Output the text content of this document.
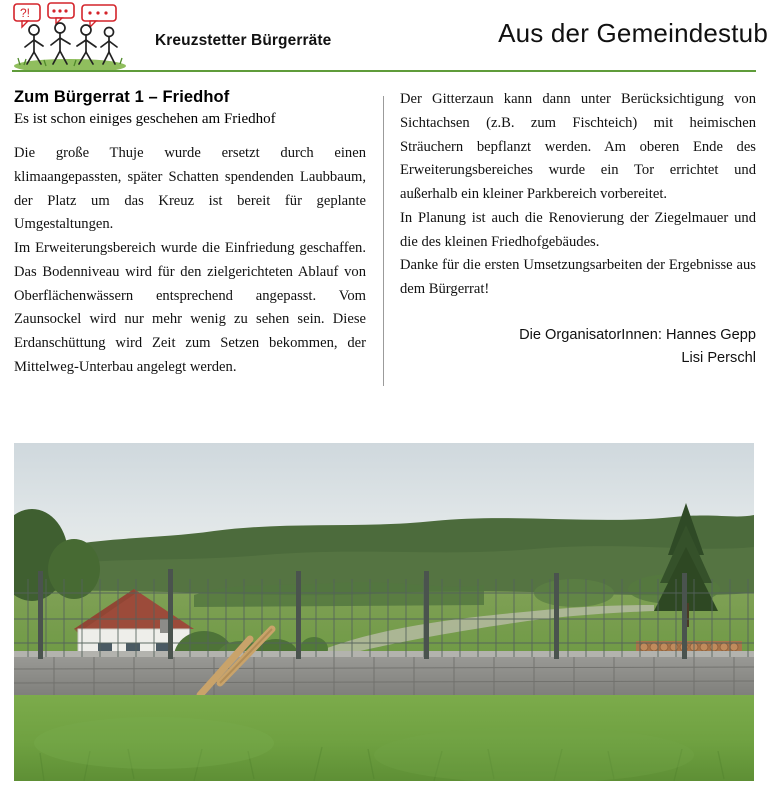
?!
Kreuzstetter Bürgerräte	Aus der Gemeindestub
Zum Bürgerrat 1 – Friedhof

Es ist schon einiges geschehen am Friedhof

Die große Thuje wurde ersetzt durch einen klimaangepassten, später Schatten spendenden Laubbaum, der Platz um das Kreuz ist bereit für geplante Umgestaltungen.

Im Erweiterungsbereich wurde die Einfriedung geschaffen. Das Bodenniveau wird für den zielgerichteten Ablauf von Oberflächenwässern entsprechend angepasst. Vom Zaunsockel wird nur mehr wenig zu sehen sein. Diese Erdanschüttung wird Zeit zum Setzen bekommen, der Mittelweg-Unterbau angelegt werden.

Der Gitterzaun kann dann unter Berücksichtigung von Sichtachsen (z.B. zum Fischteich) mit heimischen Sträuchern bepflanzt werden. Am oberen Ende des Erweiterungsbereiches wurde ein Tor errichtet und außerhalb ein kleiner Parkbereich vorbereitet.

In Planung ist auch die Renovierung der Ziegelmauer und die des kleinen Friedhofgebäudes.

Danke für die ersten Umsetzungsarbeiten der Ergebnisse aus dem Bürgerrat!

Die OrganisatorInnen: Hannes Gepp
Lisi Perschl
